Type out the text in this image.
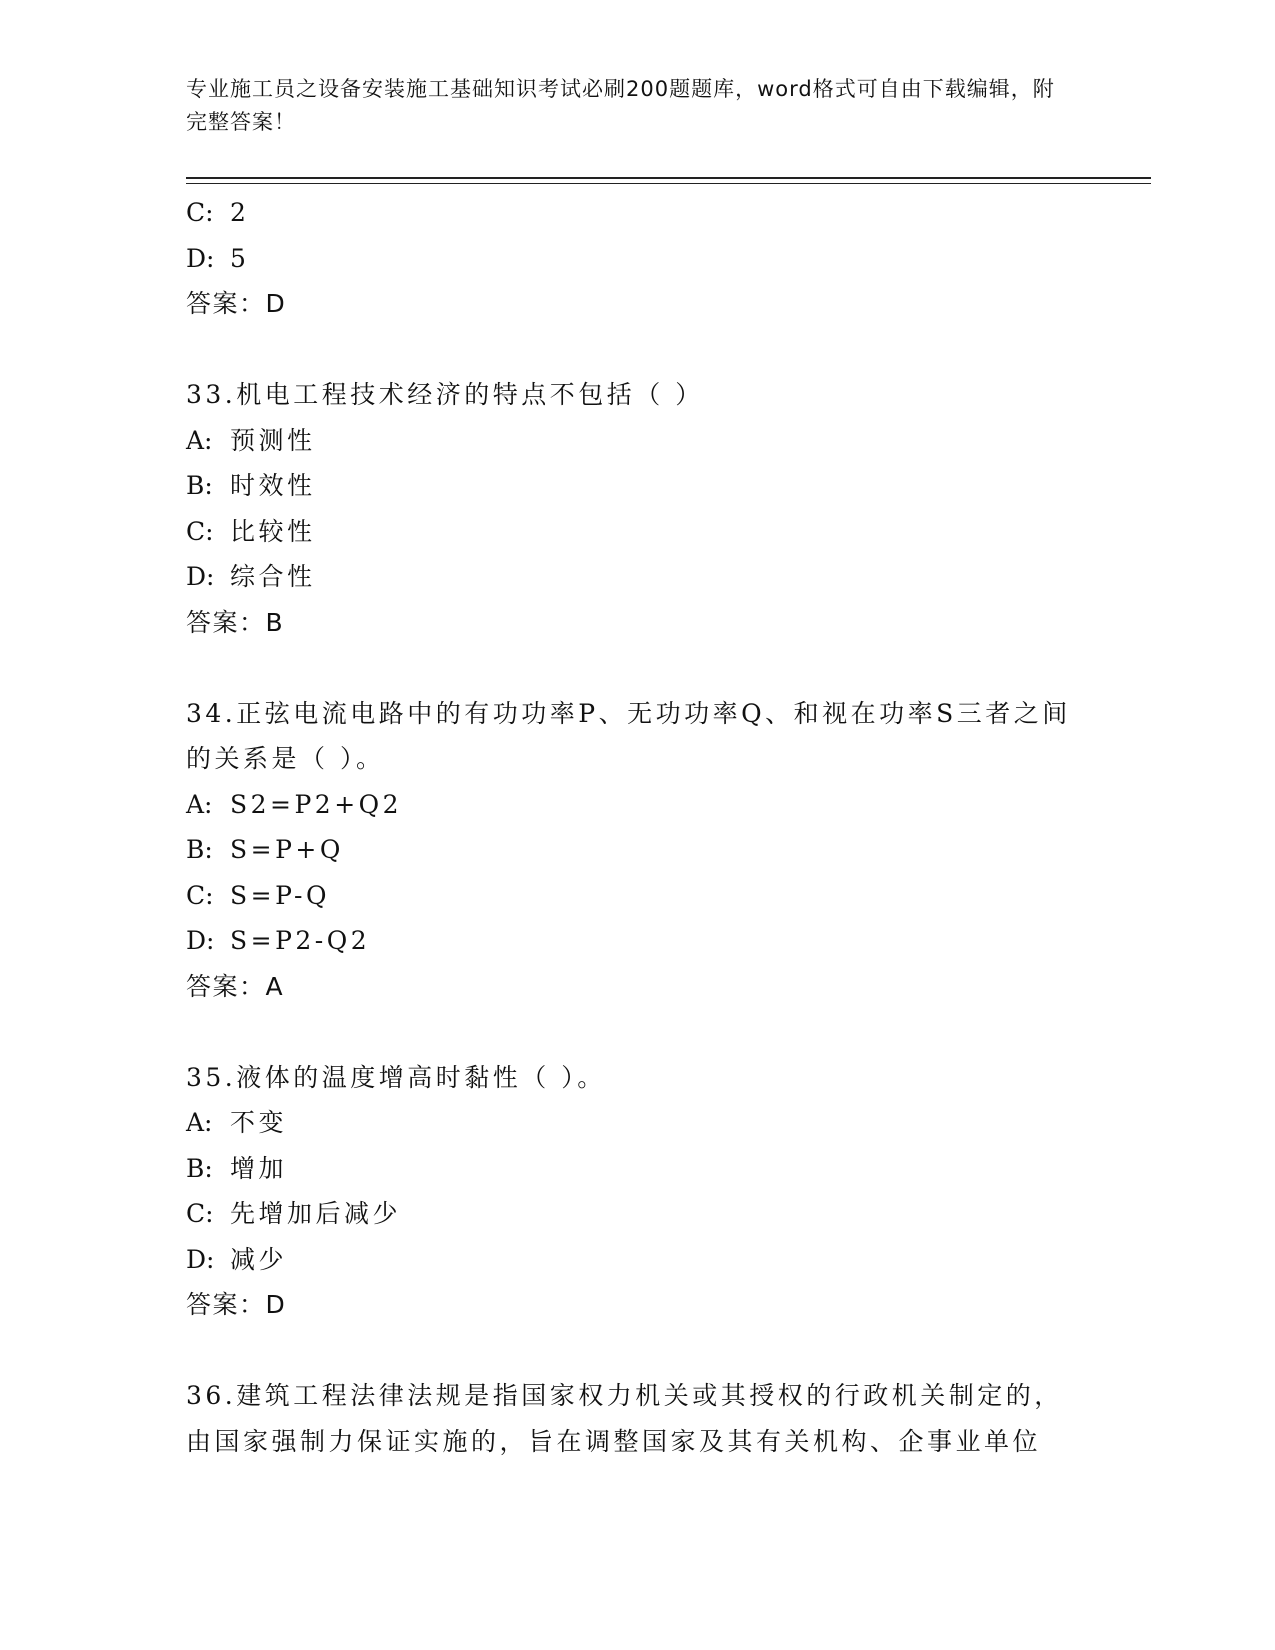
专业施工员之设备安装施工基础知识考试必刷200题题库，word格式可自由下载编辑，附完整答案！
C: 2
D: 5
答案：D
33.机电工程技术经济的特点不包括（ ）
A: 预测性
B: 时效性
C: 比较性
D: 综合性
答案：B
34.正弦电流电路中的有功功率P、无功功率Q、和视在功率S三者之间的关系是（ ）。
A: S2=P2+Q2
B: S=P+Q
C: S=P-Q
D: S=P2-Q2
答案：A
35.液体的温度增高时黏性（ ）。
A: 不变
B: 增加
C: 先增加后减少
D: 减少
答案：D
36.建筑工程法律法规是指国家权力机关或其授权的行政机关制定的，由国家强制力保证实施的，旨在调整国家及其有关机构、企事业单位
